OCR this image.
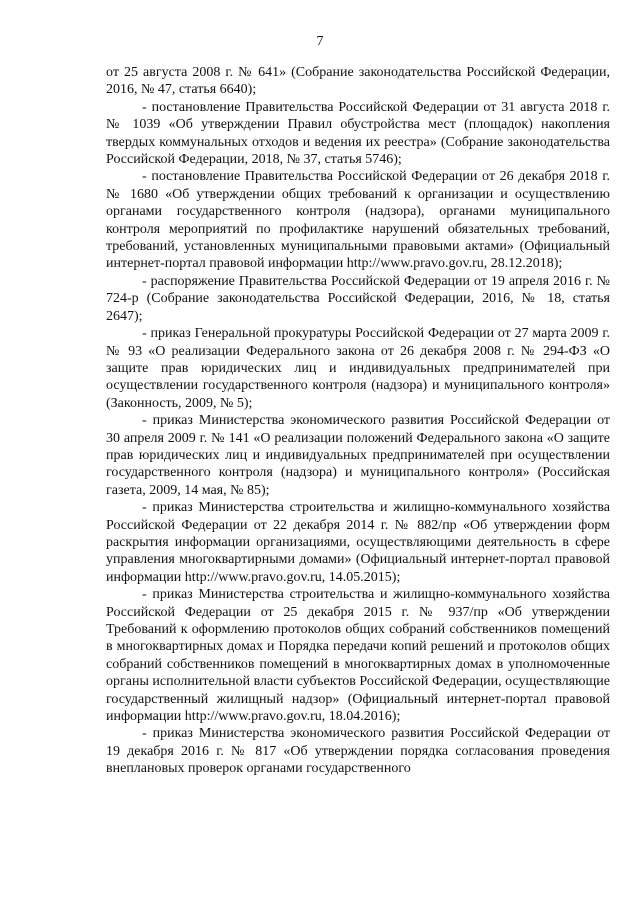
7

от 25 августа 2008 г. № 641» (Собрание законодательства Российской Федерации, 2016, № 47, статья 6640);

- постановление Правительства Российской Федерации от 31 августа 2018 г. № 1039 «Об утверждении Правил обустройства мест (площадок) накопления твердых коммунальных отходов и ведения их реестра» (Собрание законодательства Российской Федерации, 2018, № 37, статья 5746);

- постановление Правительства Российской Федерации от 26 декабря 2018 г. № 1680 «Об утверждении общих требований к организации и осуществлению органами государственного контроля (надзора), органами муниципального контроля мероприятий по профилактике нарушений обязательных требований, требований, установленных муниципальными правовыми актами» (Официальный интернет-портал правовой информации http://www.pravo.gov.ru, 28.12.2018);

- распоряжение Правительства Российской Федерации от 19 апреля 2016 г. № 724-р (Собрание законодательства Российской Федерации, 2016, № 18, статья 2647);

- приказ Генеральной прокуратуры Российской Федерации от 27 марта 2009 г. № 93 «О реализации Федерального закона от 26 декабря 2008 г. № 294-ФЗ «О защите прав юридических лиц и индивидуальных предпринимателей при осуществлении государственного контроля (надзора) и муниципального контроля» (Законность, 2009, № 5);

- приказ Министерства экономического развития Российской Федерации от 30 апреля 2009 г. № 141 «О реализации положений Федерального закона «О защите прав юридических лиц и индивидуальных предпринимателей при осуществлении государственного контроля (надзора) и муниципального контроля» (Российская газета, 2009, 14 мая, № 85);

- приказ Министерства строительства и жилищно-коммунального хозяйства Российской Федерации от 22 декабря 2014 г. № 882/пр «Об утверждении форм раскрытия информации организациями, осуществляющими деятельность в сфере управления многоквартирными домами» (Официальный интернет-портал правовой информации http://www.pravo.gov.ru, 14.05.2015);

- приказ Министерства строительства и жилищно-коммунального хозяйства Российской Федерации от 25 декабря 2015 г. № 937/пр «Об утверждении Требований к оформлению протоколов общих собраний собственников помещений в многоквартирных домах и Порядка передачи копий решений и протоколов общих собраний собственников помещений в многоквартирных домах в уполномоченные органы исполнительной власти субъектов Российской Федерации, осуществляющие государственный жилищный надзор» (Официальный интернет-портал правовой информации http://www.pravo.gov.ru, 18.04.2016);

- приказ Министерства экономического развития Российской Федерации от 19 декабря 2016 г. № 817 «Об утверждении порядка согласования проведения внеплановых проверок органами государственного
